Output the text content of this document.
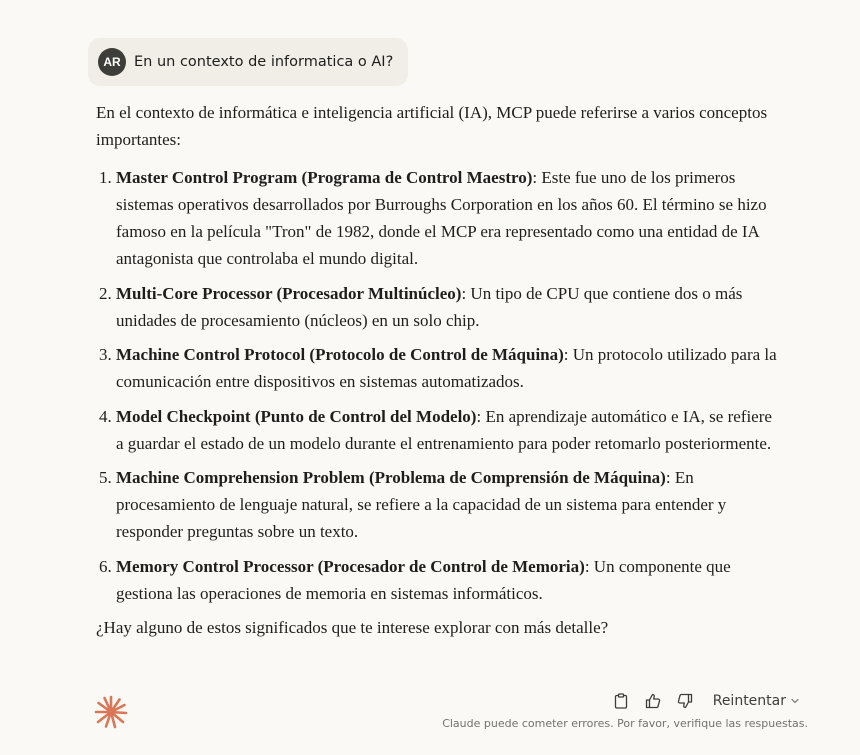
AR En un contexto de informatica o AI?

En el contexto de informática e inteligencia artificial (IA), MCP puede referirse a varios conceptos importantes:

1. Master Control Program (Programa de Control Maestro): Este fue uno de los primeros sistemas operativos desarrollados por Burroughs Corporation en los años 60. El término se hizo famoso en la película "Tron" de 1982, donde el MCP era representado como una entidad de IA antagonista que controlaba el mundo digital.
2. Multi-Core Processor (Procesador Multinúcleo): Un tipo de CPU que contiene dos o más unidades de procesamiento (núcleos) en un solo chip.
3. Machine Control Protocol (Protocolo de Control de Máquina): Un protocolo utilizado para la comunicación entre dispositivos en sistemas automatizados.
4. Model Checkpoint (Punto de Control del Modelo): En aprendizaje automático e IA, se refiere a guardar el estado de un modelo durante el entrenamiento para poder retomarlo posteriormente.
5. Machine Comprehension Problem (Problema de Comprensión de Máquina): En procesamiento de lenguaje natural, se refiere a la capacidad de un sistema para entender y responder preguntas sobre un texto.
6. Memory Control Processor (Procesador de Control de Memoria): Un componente que gestiona las operaciones de memoria en sistemas informáticos.

¿Hay alguno de estos significados que te interese explorar con más detalle?

Reintentar
Claude puede cometer errores. Por favor, verifique las respuestas.
